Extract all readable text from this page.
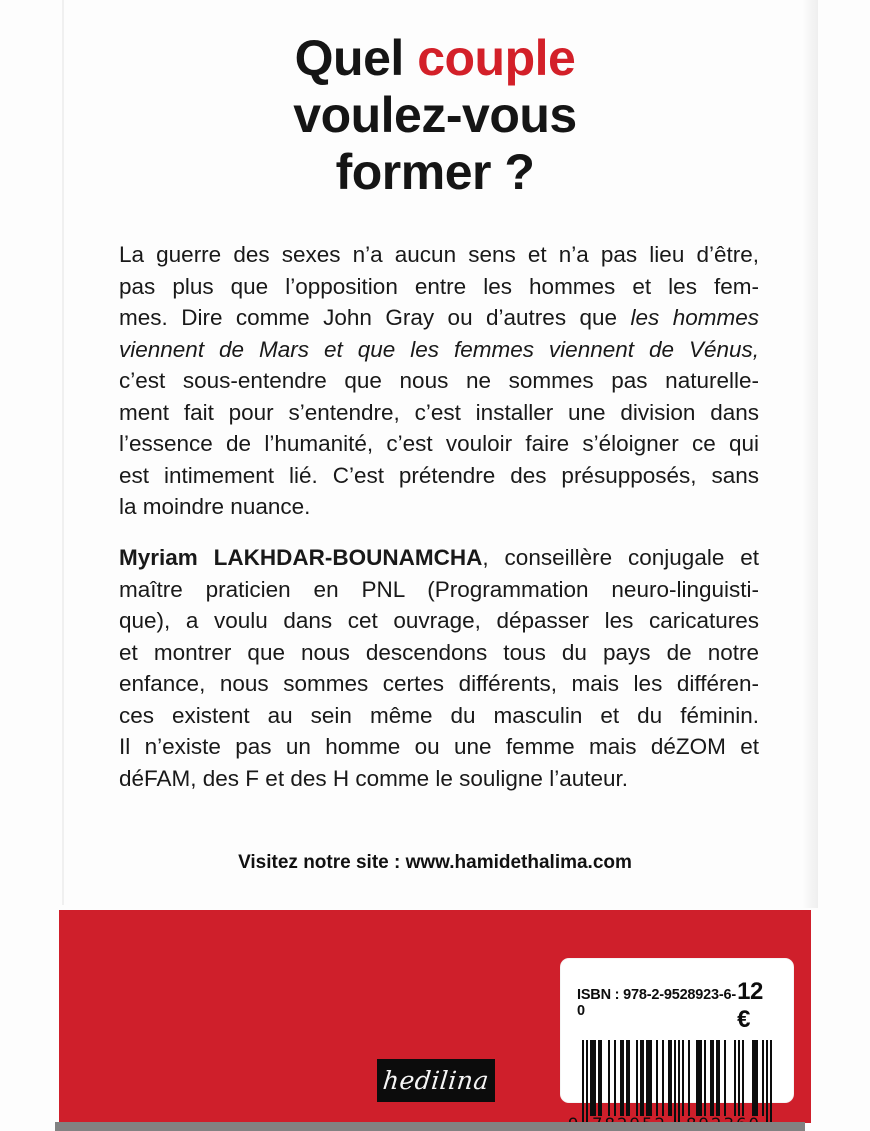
Quel couple
voulez-vous
former ?
La guerre des sexes n’a aucun sens et n’a pas lieu d’être,
pas plus que l’opposition entre les hommes et les fem-
mes. Dire comme John Gray ou d’autres que les hommes
viennent de Mars et que les femmes viennent de Vénus,
c’est sous-entendre que nous ne sommes pas naturelle-
ment fait pour s’entendre, c’est installer une division dans
l’essence de l’humanité, c’est vouloir faire s’éloigner ce qui
est intimement lié. C’est prétendre des présupposés, sans
la moindre nuance.
Myriam LAKHDAR-BOUNAMCHA, conseillère conjugale et
maître praticien en PNL (Programmation neuro-linguisti-
que), a voulu dans cet ouvrage, dépasser les caricatures
et montrer que nous descendons tous du pays de notre
enfance, nous sommes certes différents, mais les différen-
ces existent au sein même du masculin et du féminin.
Il n’existe pas un homme ou une femme mais déZOM et
déFAM, des F et des H comme le souligne l’auteur.
Visitez notre site : www.hamidethalima.com
hedilina
ISBN : 978-2-9528923-6-0
12 €
